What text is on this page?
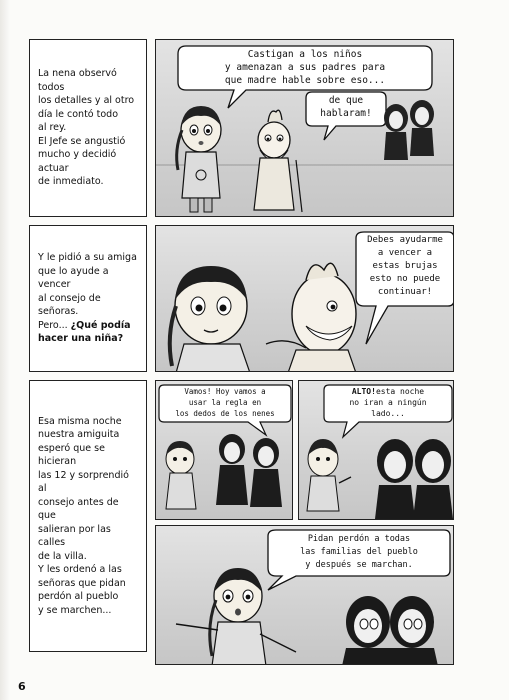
La nena observó todos
los detalles y al otro
día le contó todo
al rey.
El Jefe se angustió
mucho y decidió actuar
de inmediato.
Castigan a los niños
y amenazan a sus padres para
que madre hable sobre eso...
de que
hablaram!
Y le pidió a su amiga
que lo ayude a vencer
al consejo de señoras.
Pero... ¿Qué podía
hacer una niña?
Debes ayudarme
a vencer a
estas brujas
esto no puede
continuar!
Esa misma noche
nuestra amiguita
esperó que se hicieran
las 12 y sorprendió al
consejo antes de que
salieran por las calles
de la villa.
Y les ordenó a las
señoras que pidan
perdón al pueblo
y se marchen...
Vamos! Hoy vamos a
usar la regla en
los dedos de los nenes
ALTO!esta noche
no iran a ningún
lado...
Pidan perdón a todas
las familias del pueblo
y después se marchan.
6
